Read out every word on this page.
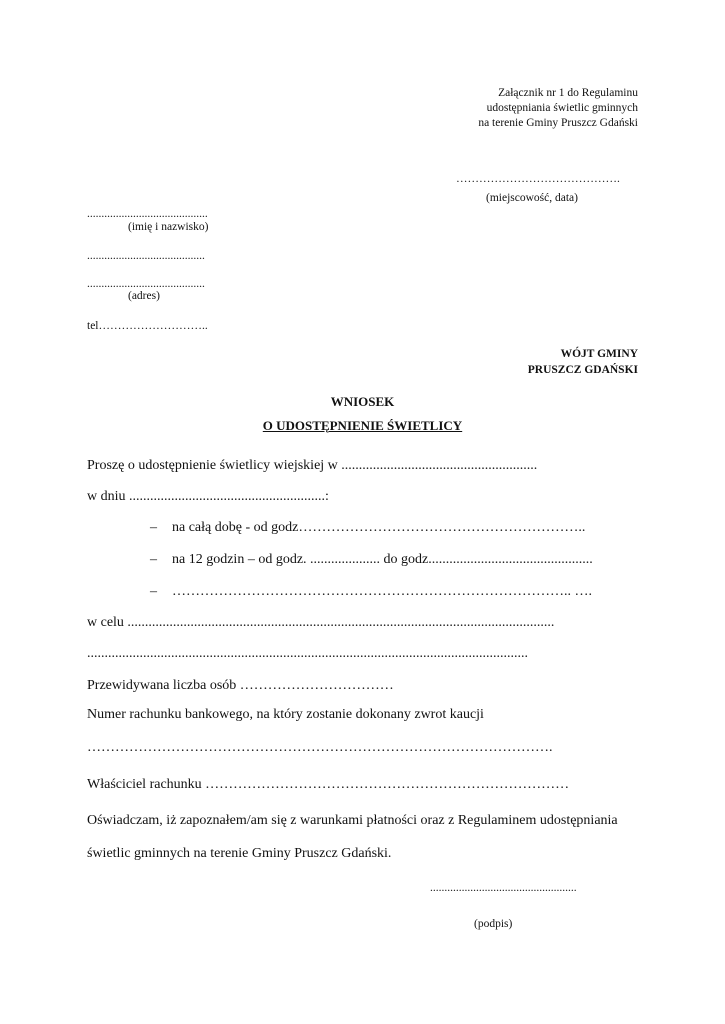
Załącznik nr 1 do Regulaminu
udostępniania świetlic gminnych
na terenie Gminy Pruszcz Gdański
…………………………………….
(miejscowość, data)
..........................................
(imię i nazwisko)
.........................................
.........................................
(adres)
tel………………………..
WÓJT GMINY
PRUSZCZ GDAŃSKI
WNIOSEK
O UDOSTĘPNIENIE ŚWIETLICY
Proszę o udostępnienie świetlicy wiejskiej w ........................................................
w dniu ........................................................:
– na całą dobę - od godz……………………………………………………..
– na 12 godzin – od godz. .................... do godz...............................................
– ………………………………………………………………………….. ….
w celu ..........................................................................................................................
..............................................................................................................................
Przewidywana liczba osób ……………………………
Numer rachunku bankowego, na który zostanie dokonany zwrot kaucji
……………………………………………………………………………………….
Właściciel rachunku ……………………………………………………………………
Oświadczam, iż zapoznałem/am się z warunkami płatności oraz z Regulaminem udostępniania
świetlic gminnych na terenie Gminy Pruszcz Gdański.
...................................................
(podpis)
